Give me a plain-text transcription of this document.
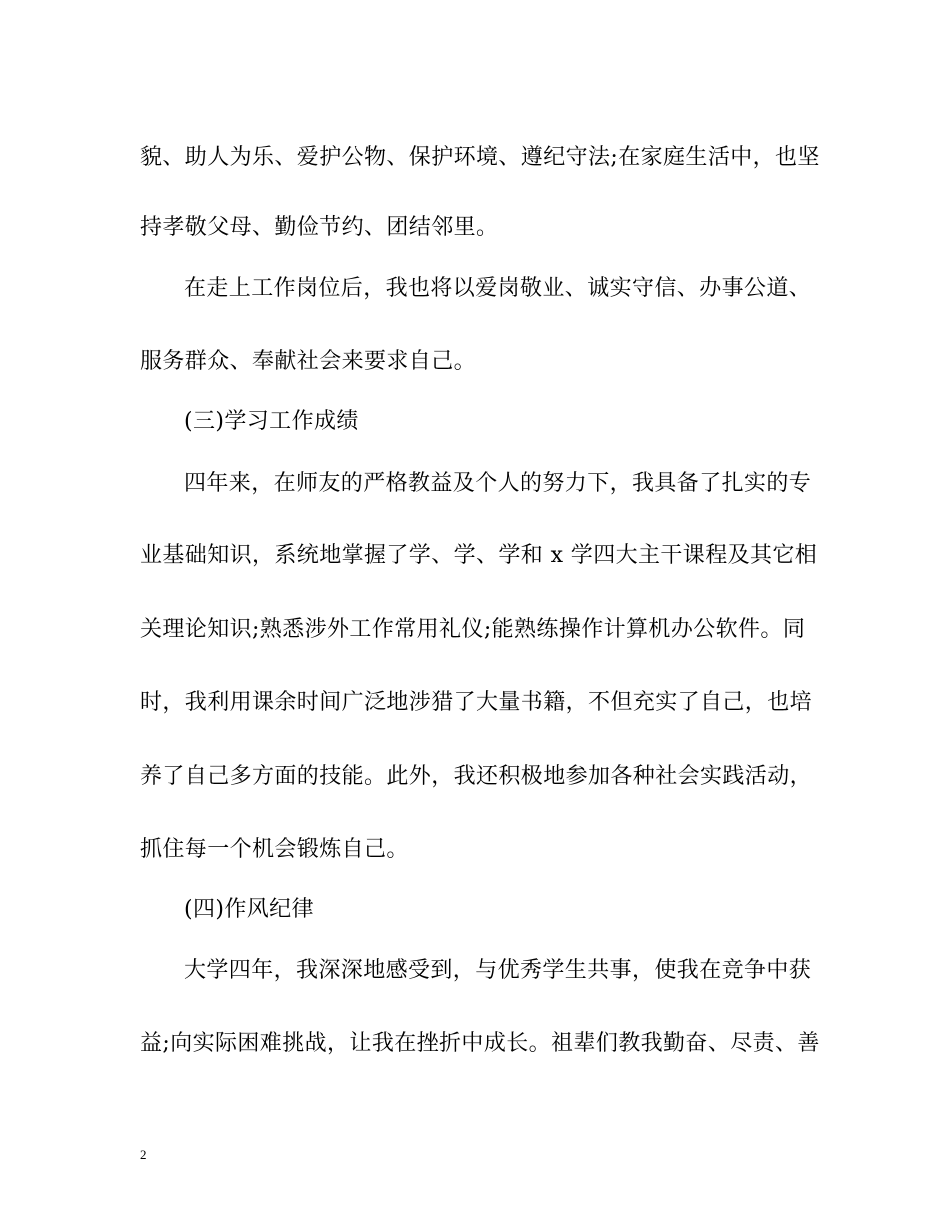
貌、助人为乐、爱护公物、保护环境、遵纪守法;在家庭生活中，也坚
持孝敬父母、勤俭节约、团结邻里。
在走上工作岗位后，我也将以爱岗敬业、诚实守信、办事公道、
服务群众、奉献社会来要求自己。
(三)学习工作成绩
四年来，在师友的严格教益及个人的努力下，我具备了扎实的专
业基础知识，系统地掌握了学、学、学和 x 学四大主干课程及其它相
关理论知识;熟悉涉外工作常用礼仪;能熟练操作计算机办公软件。同
时，我利用课余时间广泛地涉猎了大量书籍，不但充实了自己，也培
养了自己多方面的技能。此外，我还积极地参加各种社会实践活动，
抓住每一个机会锻炼自己。
(四)作风纪律
大学四年，我深深地感受到，与优秀学生共事，使我在竞争中获
益;向实际困难挑战，让我在挫折中成长。祖辈们教我勤奋、尽责、善
2
